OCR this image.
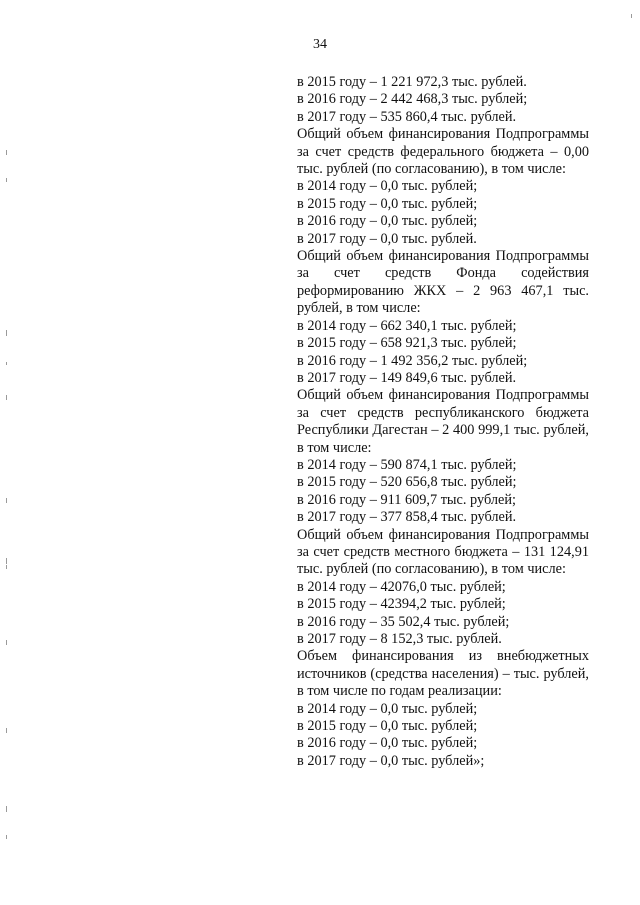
34
в 2015 году – 1 221 972,3 тыс. рублей.
в 2016 году – 2 442 468,3 тыс. рублей;
в 2017 году – 535 860,4 тыс. рублей.
Общий объем финансирования Подпрограммы за счет средств федерального бюджета – 0,00 тыс. рублей (по согласованию), в том числе:
в 2014 году – 0,0 тыс. рублей;
в 2015 году – 0,0 тыс. рублей;
в 2016 году – 0,0 тыс. рублей;
в 2017 году – 0,0 тыс. рублей.
Общий объем финансирования Подпрограммы за счет средств Фонда содействия реформированию ЖКХ – 2 963 467,1 тыс. рублей, в том числе:
в 2014 году – 662 340,1 тыс. рублей;
в 2015 году – 658 921,3 тыс. рублей;
в 2016 году – 1 492 356,2 тыс. рублей;
в 2017 году – 149 849,6 тыс. рублей.
Общий объем финансирования Подпрограммы за счет средств республиканского бюджета Республики Дагестан – 2 400 999,1 тыс. рублей, в том числе:
в 2014 году – 590 874,1 тыс. рублей;
в 2015 году – 520 656,8 тыс. рублей;
в 2016 году – 911 609,7 тыс. рублей;
в 2017 году – 377 858,4 тыс. рублей.
Общий объем финансирования Подпрограммы за счет средств местного бюджета – 131 124,91 тыс. рублей (по согласованию), в том числе:
в 2014 году – 42076,0 тыс. рублей;
в 2015 году – 42394,2 тыс. рублей;
в 2016 году – 35 502,4 тыс. рублей;
в 2017 году – 8 152,3 тыс. рублей.
Объем финансирования из внебюджетных источников (средства населения) – тыс. рублей, в том числе по годам реализации:
в 2014 году – 0,0 тыс. рублей;
в 2015 году – 0,0 тыс. рублей;
в 2016 году – 0,0 тыс. рублей;
в 2017 году – 0,0 тыс. рублей»;
